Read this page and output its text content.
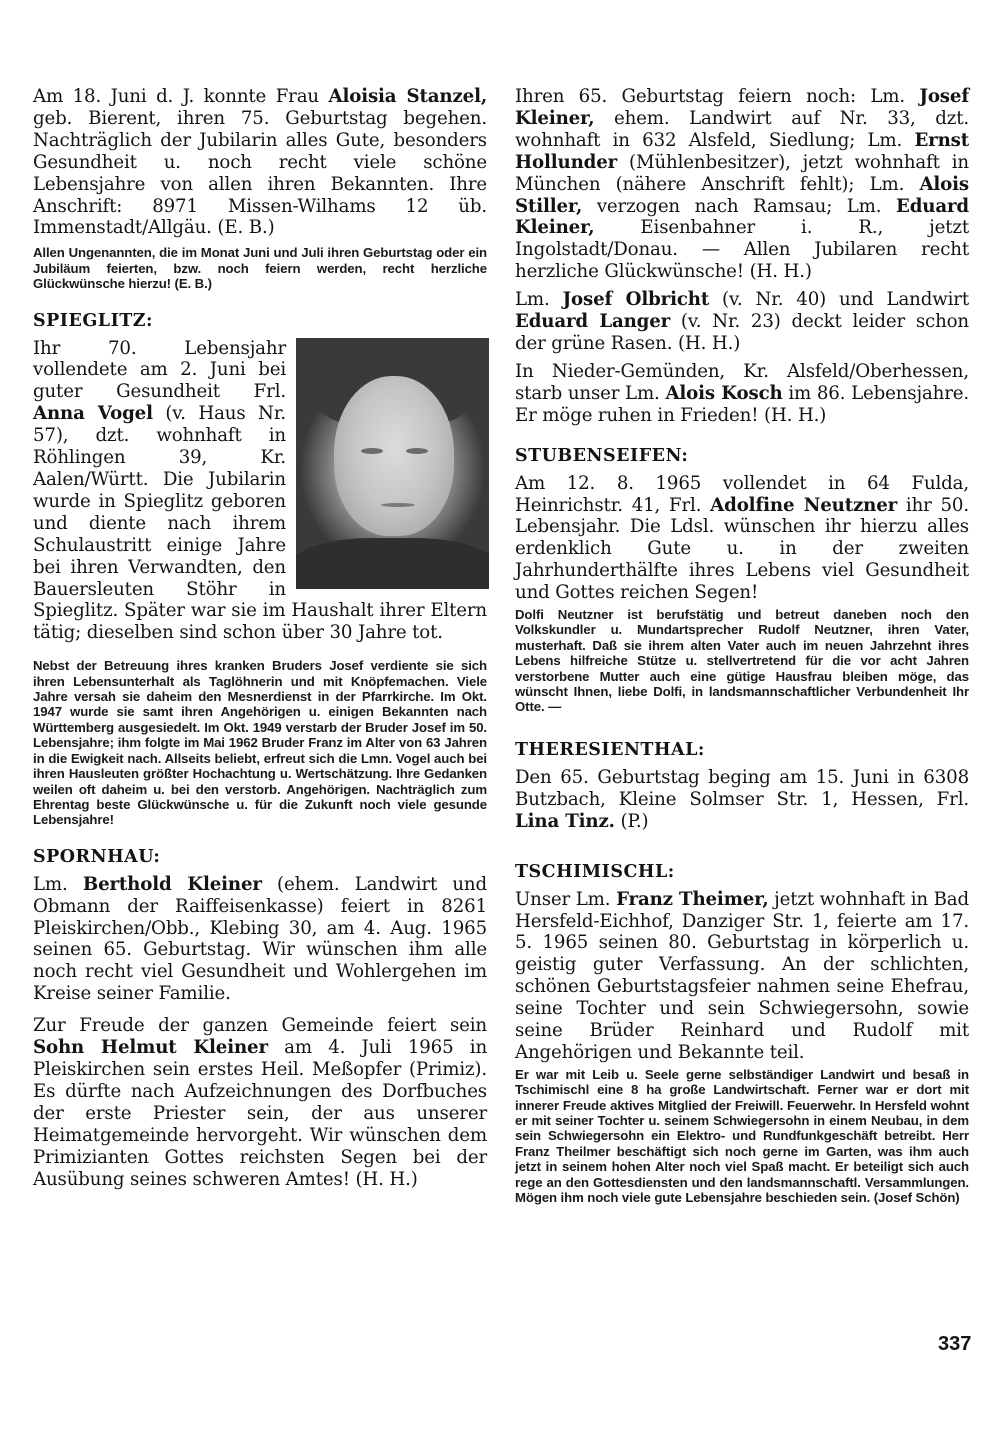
Am 18. Juni d. J. konnte Frau Aloisia Stanzel, geb. Bierent, ihren 75. Geburtstag begehen. Nachträglich der Jubilarin alles Gute, besonders Gesundheit u. noch recht viele schöne Lebensjahre von allen ihren Bekannten. Ihre Anschrift: 8971 Missen-Wilhams 12 üb. Immenstadt/Allgäu. (E. B.)

Allen Ungenannten, die im Monat Juni und Juli ihren Geburtstag oder ein Jubiläum feierten, bzw. noch feiern werden, recht herzliche Glückwünsche hierzu! (E. B.)

SPIEGLITZ:

Ihr 70. Lebensjahr vollendete am 2. Juni bei guter Gesundheit Frl. Anna Vogel (v. Haus Nr. 57), dzt. wohnhaft in Röhlingen 39, Kr. Aalen/Württ. Die Jubilarin wurde in Spieglitz geboren und diente nach ihrem Schulaustritt einige Jahre bei ihren Verwandten, den Bauersleuten Stöhr in Spieglitz. Später war sie im Haushalt ihrer Eltern tätig; dieselben sind schon über 30 Jahre tot.

Nebst der Betreuung ihres kranken Bruders Josef verdiente sie sich ihren Lebensunterhalt als Taglöhnerin und mit Knöpfemachen. Viele Jahre versah sie daheim den Mesnerdienst in der Pfarrkirche. Im Okt. 1947 wurde sie samt ihren Angehörigen u. einigen Bekannten nach Württemberg ausgesiedelt. Im Okt. 1949 verstarb der Bruder Josef im 50. Lebensjahre; ihm folgte im Mai 1962 Bruder Franz im Alter von 63 Jahren in die Ewigkeit nach. Allseits beliebt, erfreut sich die Lmn. Vogel auch bei ihren Hausleuten größter Hochachtung u. Wertschätzung. Ihre Gedanken weilen oft daheim u. bei den verstorb. Angehörigen. Nachträglich zum Ehrentag beste Glückwünsche u. für die Zukunft noch viele gesunde Lebensjahre!

SPORNHAU:

Lm. Berthold Kleiner (ehem. Landwirt und Obmann der Raiffeisenkasse) feiert in 8261 Pleiskirchen/Obb., Klebing 30, am 4. Aug. 1965 seinen 65. Geburtstag. Wir wünschen ihm alle noch recht viel Gesundheit und Wohlergehen im Kreise seiner Familie.

Zur Freude der ganzen Gemeinde feiert sein Sohn Helmut Kleiner am 4. Juli 1965 in Pleiskirchen sein erstes Heil. Meßopfer (Primiz). Es dürfte nach Aufzeichnungen des Dorfbuches der erste Priester sein, der aus unserer Heimatgemeinde hervorgeht. Wir wünschen dem Primizianten Gottes reichsten Segen bei der Ausübung seines schweren Amtes! (H. H.)

Ihren 65. Geburtstag feiern noch: Lm. Josef Kleiner, ehem. Landwirt auf Nr. 33, dzt. wohnhaft in 632 Alsfeld, Siedlung; Lm. Ernst Hollunder (Mühlenbesitzer), jetzt wohnhaft in München (nähere Anschrift fehlt); Lm. Alois Stiller, verzogen nach Ramsau; Lm. Eduard Kleiner, Eisenbahner i. R., jetzt Ingolstadt/Donau. — Allen Jubilaren recht herzliche Glückwünsche! (H. H.)

Lm. Josef Olbricht (v. Nr. 40) und Landwirt Eduard Langer (v. Nr. 23) deckt leider schon der grüne Rasen. (H. H.)

In Nieder-Gemünden, Kr. Alsfeld/Oberhessen, starb unser Lm. Alois Kosch im 86. Lebensjahre. Er möge ruhen in Frieden! (H. H.)

STUBENSEIFEN:

Am 12. 8. 1965 vollendet in 64 Fulda, Heinrichstr. 41, Frl. Adolfine Neutzner ihr 50. Lebensjahr. Die Ldsl. wünschen ihr hierzu alles erdenklich Gute u. in der zweiten Jahrhunderthälfte ihres Lebens viel Gesundheit und Gottes reichen Segen!

Dolfi Neutzner ist berufstätig und betreut daneben noch den Volkskundler u. Mundartsprecher Rudolf Neutzner, ihren Vater, musterhaft. Daß sie ihrem alten Vater auch im neuen Jahrzehnt ihres Lebens hilfreiche Stütze u. stellvertretend für die vor acht Jahren verstorbene Mutter auch eine gütige Hausfrau bleiben möge, das wünscht Ihnen, liebe Dolfi, in landsmannschaftlicher Verbundenheit Ihr Otte. —

THERESIENTHAL:

Den 65. Geburtstag beging am 15. Juni in 6308 Butzbach, Kleine Solmser Str. 1, Hessen, Frl. Lina Tinz. (P.)

TSCHIMISCHL:

Unser Lm. Franz Theimer, jetzt wohnhaft in Bad Hersfeld-Eichhof, Danziger Str. 1, feierte am 17. 5. 1965 seinen 80. Geburtstag in körperlich u. geistig guter Verfassung. An der schlichten, schönen Geburtstagsfeier nahmen seine Ehefrau, seine Tochter und sein Schwiegersohn, sowie seine Brüder Reinhard und Rudolf mit Angehörigen und Bekannte teil.

Er war mit Leib u. Seele gerne selbständiger Landwirt und besaß in Tschimischl eine 8 ha große Landwirtschaft. Ferner war er dort mit innerer Freude aktives Mitglied der Freiwill. Feuerwehr. In Hersfeld wohnt er mit seiner Tochter u. seinem Schwiegersohn in einem Neubau, in dem sein Schwiegersohn ein Elektro- und Rundfunkgeschäft betreibt. Herr Franz Theilmer beschäftigt sich noch gerne im Garten, was ihm auch jetzt in seinem hohen Alter noch viel Spaß macht. Er beteiligt sich auch rege an den Gottesdiensten und den landsmannschaftl. Versammlungen. Mögen ihm noch viele gute Lebensjahre beschieden sein. (Josef Schön)

337
